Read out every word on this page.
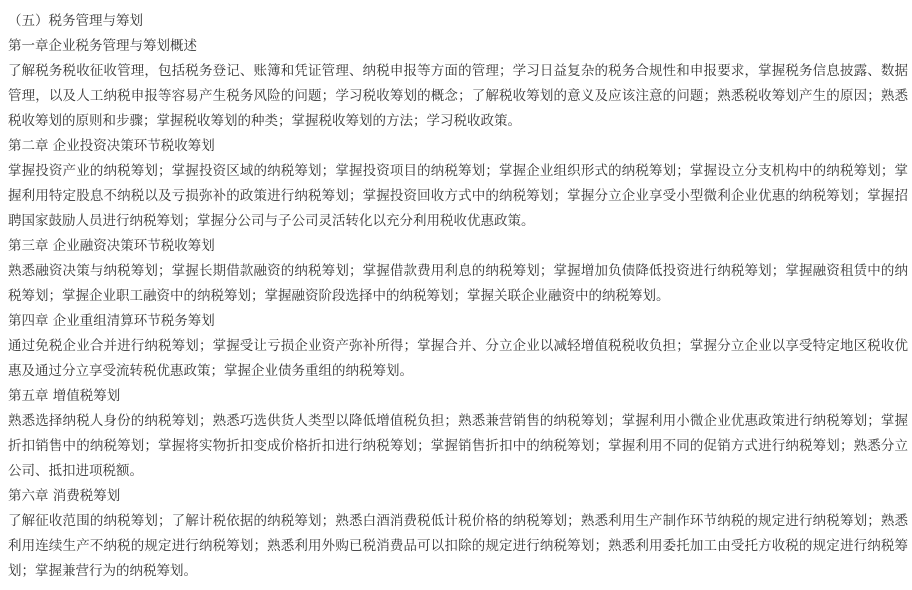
（五）税务管理与筹划
第一章企业税务管理与筹划概述

了解税务税收征收管理，包括税务登记、账簿和凭证管理、纳税申报等方面的管理；学习日益复杂的税务合规性和申报要求，掌握税务信息披露、数据管理，以及人工纳税申报等容易产生税务风险的问题；学习税收筹划的概念；了解税收筹划的意义及应该注意的问题；熟悉税收筹划产生的原因；熟悉税收筹划的原则和步骤；掌握税收筹划的种类；掌握税收筹划的方法；学习税收政策。

第二章 企业投资决策环节税收筹划

掌握投资产业的纳税筹划；掌握投资区域的纳税筹划；掌握投资项目的纳税筹划；掌握企业组织形式的纳税筹划；掌握设立分支机构中的纳税筹划；掌握利用特定股息不纳税以及亏损弥补的政策进行纳税筹划；掌握投资回收方式中的纳税筹划；掌握分立企业享受小型微利企业优惠的纳税筹划；掌握招聘国家鼓励人员进行纳税筹划；掌握分公司与子公司灵活转化以充分利用税收优惠政策。

第三章 企业融资决策环节税收筹划

熟悉融资决策与纳税筹划；掌握长期借款融资的纳税筹划；掌握借款费用利息的纳税筹划；掌握增加负债降低投资进行纳税筹划；掌握融资租赁中的纳税筹划；掌握企业职工融资中的纳税筹划；掌握融资阶段选择中的纳税筹划；掌握关联企业融资中的纳税筹划。

第四章 企业重组清算环节税务筹划

通过免税企业合并进行纳税筹划；掌握受让亏损企业资产弥补所得；掌握合并、分立企业以减轻增值税税收负担；掌握分立企业以享受特定地区税收优惠及通过分立享受流转税优惠政策；掌握企业债务重组的纳税筹划。

第五章 增值税筹划

熟悉选择纳税人身份的纳税筹划；熟悉巧选供货人类型以降低增值税负担；熟悉兼营销售的纳税筹划；掌握利用小微企业优惠政策进行纳税筹划；掌握折扣销售中的纳税筹划；掌握将实物折扣变成价格折扣进行纳税筹划；掌握销售折扣中的纳税筹划；掌握利用不同的促销方式进行纳税筹划；熟悉分立公司、抵扣进项税额。

第六章 消费税筹划

了解征收范围的纳税筹划；了解计税依据的纳税筹划；熟悉白酒消费税低计税价格的纳税筹划；熟悉利用生产制作环节纳税的规定进行纳税筹划；熟悉利用连续生产不纳税的规定进行纳税筹划；熟悉利用外购已税消费品可以扣除的规定进行纳税筹划；熟悉利用委托加工由受托方收税的规定进行纳税筹划；掌握兼营行为的纳税筹划。
